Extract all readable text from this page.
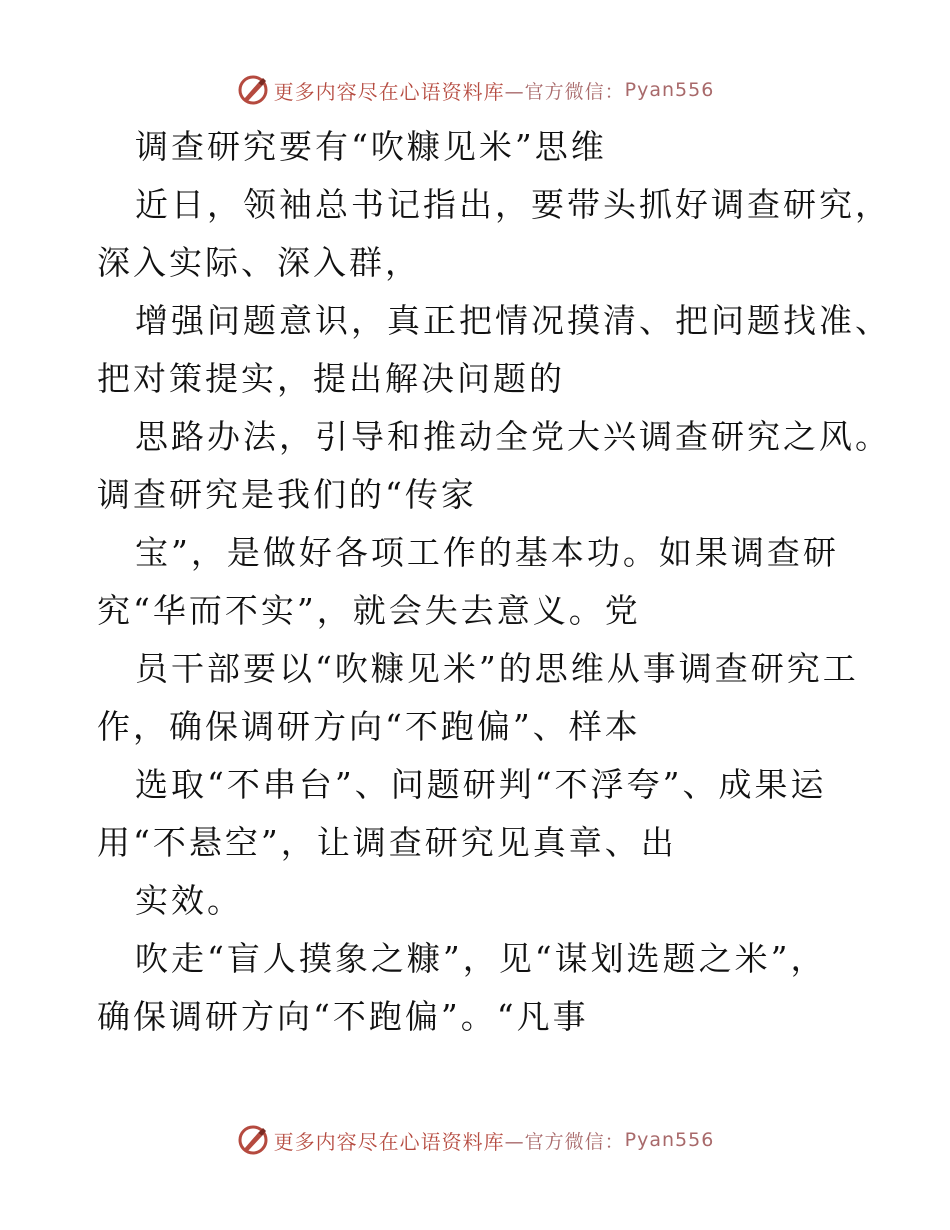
更多内容尽在心语资料库 —官方微信： Pyan556
调查研究要有“吹糠见米”思维
近日，领袖总书记指出，要带头抓好调查研究，
深入实际、深入群，
增强问题意识，真正把情况摸清、把问题找准、
把对策提实，提出解决问题的
思路办法，引导和推动全党大兴调查研究之风。
调查研究是我们的“传家
宝”，是做好各项工作的基本功。如果调查研
究“华而不实”，就会失去意义。党
员干部要以“吹糠见米”的思维从事调查研究工
作，确保调研方向“不跑偏”、样本
选取“不串台”、问题研判“不浮夸”、成果运
用“不悬空”，让调查研究见真章、出
实效。
吹走“盲人摸象之糠”，见“谋划选题之米”，
确保调研方向“不跑偏”。“凡事
更多内容尽在心语资料库 —官方微信： Pyan556
